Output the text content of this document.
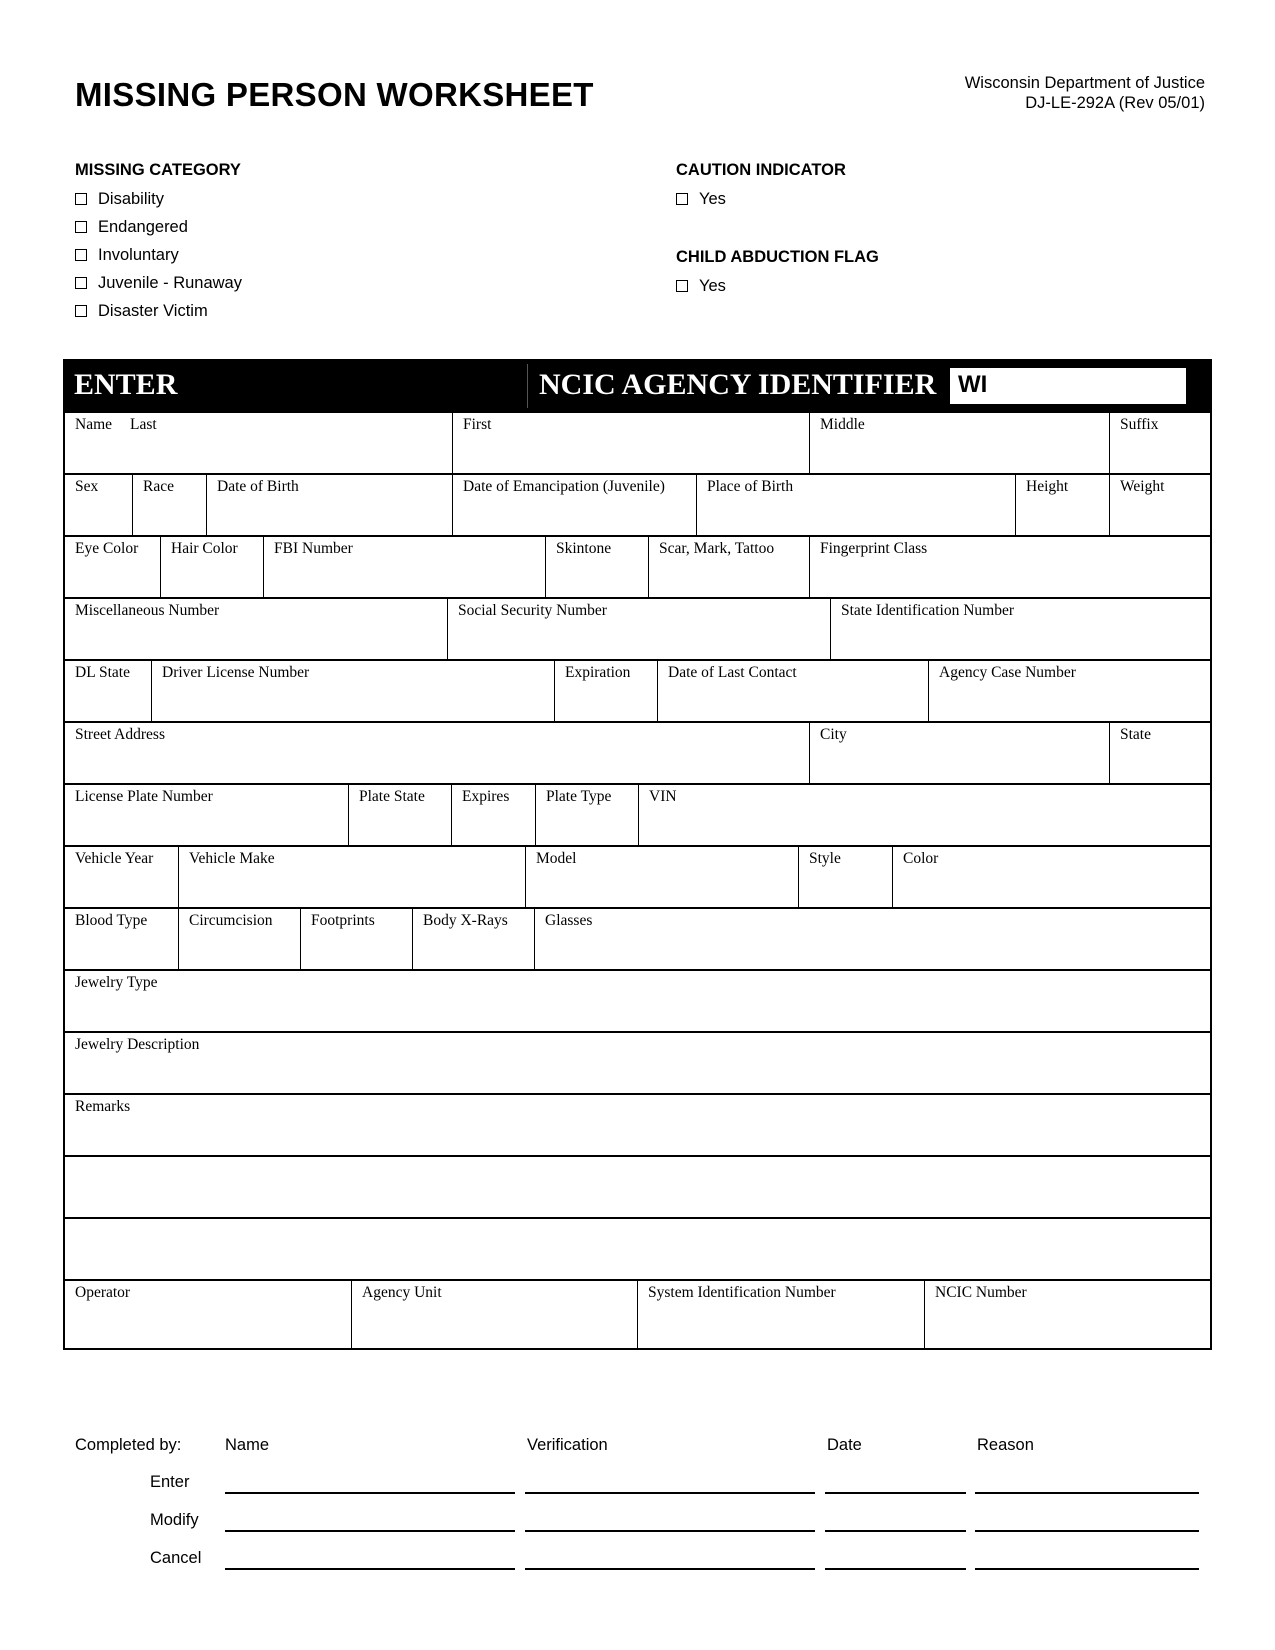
MISSING PERSON WORKSHEET	Wisconsin Department of Justice
DJ-LE-292A (Rev 05/01)
MISSING CATEGORY
Disability
Endangered
Involuntary
Juvenile - Runaway
Disaster Victim
CAUTION INDICATOR
Yes
CHILD ABDUCTION FLAG
Yes
ENTER	NCIC AGENCY IDENTIFIER WI
Name Last	First	Middle	Suffix
Sex	Race	Date of Birth	Date of Emancipation (Juvenile)	Place of Birth	Height	Weight
Eye Color	Hair Color	FBI Number	Skintone	Scar, Mark, Tattoo	Fingerprint Class
Miscellaneous Number	Social Security Number	State Identification Number
DL State	Driver License Number	Expiration	Date of Last Contact	Agency Case Number
Street Address	City	State
License Plate Number	Plate State	Expires	Plate Type	VIN
Vehicle Year	Vehicle Make	Model	Style	Color
Blood Type	Circumcision	Footprints	Body X-Rays	Glasses
Jewelry Type
Jewelry Description
Remarks
Operator	Agency Unit	System Identification Number	NCIC Number
Completed by:	Name	Verification	Date	Reason
Enter
Modify
Cancel
